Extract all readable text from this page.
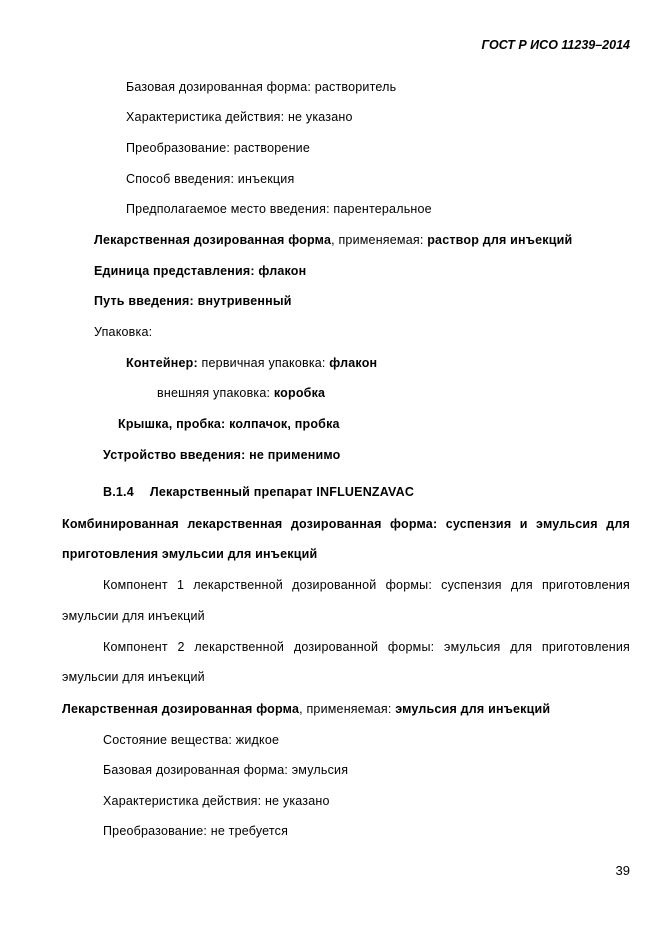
ГОСТ Р ИСО 11239–2014
Базовая дозированная форма: растворитель
Характеристика действия: не указано
Преобразование: растворение
Способ введения: инъекция
Предполагаемое место введения: парентеральное
Лекарственная дозированная форма, применяемая: раствор для инъекций
Единица представления: флакон
Путь введения: внутривенный
Упаковка:
Контейнер: первичная упаковка: флакон
внешняя упаковка: коробка
Крышка, пробка: колпачок, пробка
Устройство введения: не применимо
В.1.4 Лекарственный препарат INFLUENZAVAC
Комбинированная лекарственная дозированная форма: суспензия и эмульсия для
приготовления эмульсии для инъекций
Компонент 1 лекарственной дозированной формы: суспензия для приготовления
эмульсии для инъекций
Компонент 2 лекарственной дозированной формы: эмульсия для приготовления
эмульсии для инъекций
Лекарственная дозированная форма, применяемая: эмульсия для инъекций
Состояние вещества: жидкое
Базовая дозированная форма: эмульсия
Характеристика действия: не указано
Преобразование: не требуется
39
